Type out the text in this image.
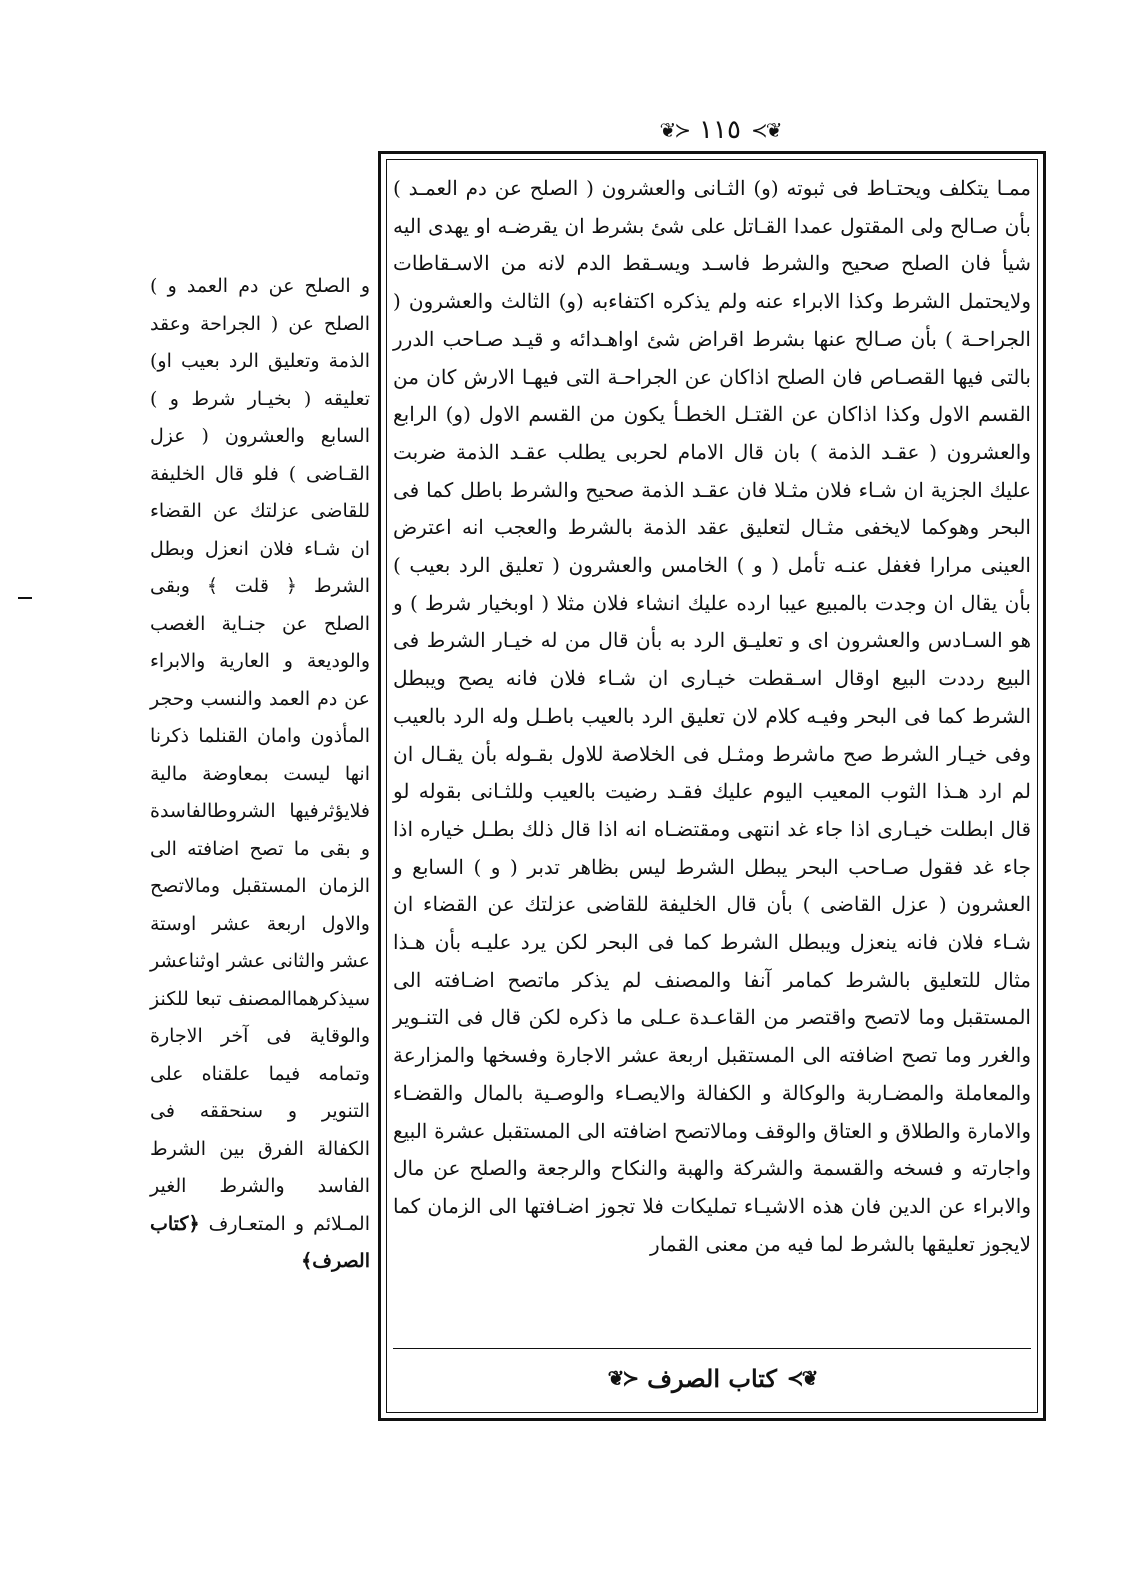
❦≻ ١١٥ ≺❦

ممـا يتكلف ويحتـاط فى ثبوته (و) الثـانى والعشرون ( الصلح عن دم العمـد ) بأن صـالح ولى المقتول عمدا القـاتل على شئ بشرط ان يقرضـه او يهدى اليه شيأ فان الصلح صحيح والشرط فاسـد ويسـقط الدم لانه من الاسـقاطات ولايحتمل الشرط وكذا الابراء عنه ولم يذكره اكتفاءبه (و) الثالث والعشرون ( الجراحـة ) بأن صـالح عنها بشرط اقراض شئ اواهـدائه و قيـد صـاحب الدرر بالتى فيها القصـاص فان الصلح اذاكان عن الجراحـة التى فيهـا الارش كان من القسم الاول وكذا اذاكان عن القتـل الخطـأ يكون من القسم الاول (و) الرابع والعشرون ( عقـد الذمة ) بان قال الامام لحربى يطلب عقـد الذمة ضربت عليك الجزية ان شـاء فلان مثـلا فان عقـد الذمة صحيح والشرط باطل كما فى البحر وهوكما لايخفى مثـال لتعليق عقد الذمة بالشرط والعجب انه اعترض العينى مرارا فغفل عنـه تأمل ( و ) الخامس والعشرون ( تعليق الرد بعيب ) بأن يقال ان وجدت بالمبيع عيبا ارده عليك انشاء فلان مثلا ( اوبخيار شرط ) و هو السـادس والعشرون اى و تعليـق الرد به بأن قال من له خيـار الشرط فى البيع رددت البيع اوقال اسـقطت خيـارى ان شـاء فلان فانه يصح ويبطل الشرط كما فى البحر وفيـه كلام لان تعليق الرد بالعيب باطـل وله الرد بالعيب وفى خيـار الشرط صح ماشرط ومثـل فى الخلاصة للاول بقـوله بأن يقـال ان لم ارد هـذا الثوب المعيب اليوم عليك فقـد رضيت بالعيب وللثـانى بقوله لو قال ابطلت خيـارى اذا جاء غد انتهى ومقتضـاه انه اذا قال ذلك بطـل خياره اذا جاء غد فقول صـاحب البحر يبطل الشرط ليس بظاهر تدبر ( و ) السابع و العشرون ( عزل القاضى ) بأن قال الخليفة للقاضى عزلتك عن القضاء ان شـاء فلان فانه ينعزل ويبطل الشرط كما فى البحر لكن يرد عليـه بأن هـذا مثال للتعليق بالشرط كمامر آنفا والمصنف لم يذكر ماتصح اضـافته الى المستقبل وما لاتصح واقتصر من القاعـدة عـلى ما ذكره لكن قال فى التنـوير والغرر وما تصح اضافته الى المستقبل اربعة عشر الاجارة وفسخها والمزارعة والمعاملة والمضـاربة والوكالة و الكفالة والايصـاء والوصـية بالمال والقضـاء والامارة والطلاق و العتاق والوقف ومالاتصح اضافته الى المستقبل عشرة البيع واجارته و فسخه والقسمة والشركة والهبة والنكاح والرجعة والصلح عن مال والابراء عن الدين فان هذه الاشيـاء تمليكات فلا تجوز اضـافتها الى الزمان كما لايجوز تعليقها بالشرط لما فيه من معنى القمار

❦≻
كتاب الصرف
≺❦
و الصلح عن دم العمد و ) الصلح عن ( الجراحة وعقد الذمة وتعليق الرد بعيب او) تعليقه ( بخيـار شرط و ) السابع والعشرون ( عزل القـاضى ) فلو قال الخليفة للقاضى عزلتك عن القضاء ان شـاء فلان انعزل وبطل الشرط ﴿ قلت ﴾ وبقى الصلح عن جنـاية الغصب والوديعة و العارية والابراء عن دم العمد والنسب وحجر المأذون وامان القنلما ذكرنا انها ليست بمعاوضة مالية فلايؤثرفيها الشروطالفاسدة و بقى ما تصح اضافته الى الزمان المستقبل ومالاتصح والاول اربعة عشر اوستة عشر والثانى عشر اوثناعشر سيذكرهماالمصنف تبعا للكنز والوقاية فى آخر الاجارة وتمامه فيما علقناه على التنوير و سنحققه فى الكفالة الفرق بين الشرط الفاسد والشرط الغير المـلائم و المتعـارف ﴿كتاب الصرف﴾
